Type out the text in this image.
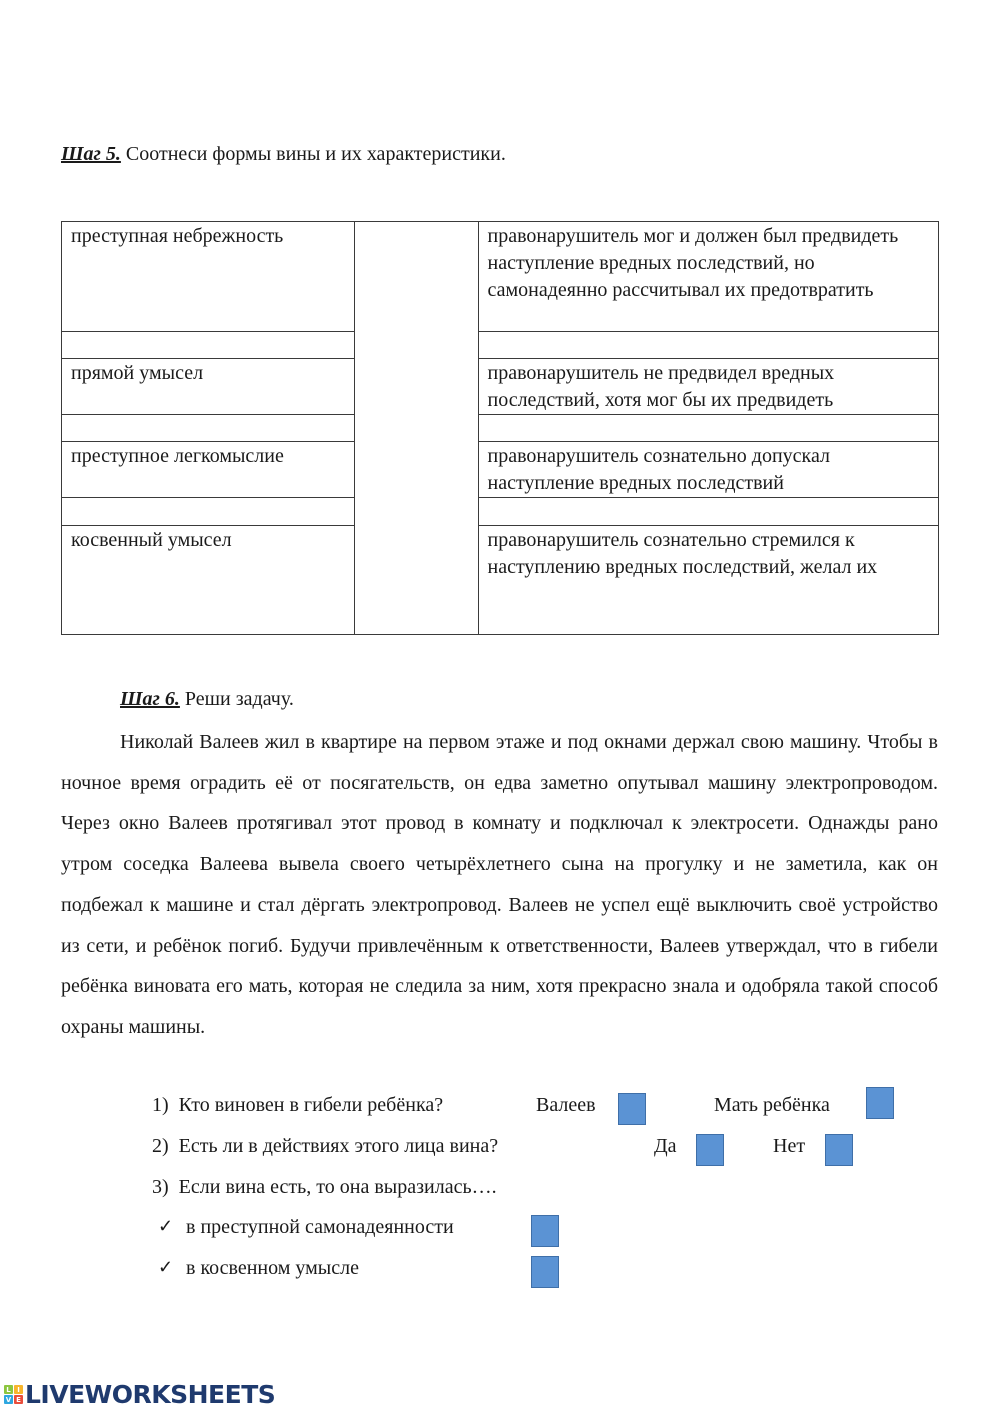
Шаг 5. Соотнеси формы вины и их характеристики.
преступная небрежность		правонарушитель мог и должен был предвидеть наступление вредных последствий, но самонадеянно рассчитывал их предотвратить

прямой умысел		правонарушитель не предвидел вредных последствий, хотя мог бы их предвидеть

преступное легкомыслие		правонарушитель сознательно допускал наступление вредных последствий

косвенный умысел		правонарушитель сознательно стремился к наступлению вредных последствий, желал их
Шаг 6. Реши задачу.
Николай Валеев жил в квартире на первом этаже и под окнами держал свою машину. Чтобы в ночное время оградить её от посягательств, он едва заметно опутывал машину электропроводом. Через окно Валеев протягивал этот провод в комнату и подключал к электросети. Однажды рано утром соседка Валеева вывела своего четырёхлетнего сына на прогулку и не заметила, как он подбежал к машине и стал дёргать электропровод. Валеев не успел ещё выключить своё устройство из сети, и ребёнок погиб. Будучи привлечённым к ответственности, Валеев утверждал, что в гибели ребёнка виновата его мать, которая не следила за ним, хотя прекрасно знала и одобряла такой способ охраны машины.
1) Кто виновен в гибели ребёнка?	Валеев	Мать ребёнка
2) Есть ли в действиях этого лица вина?	Да	Нет
3) Если вина есть, то она выразилась….
✓ в преступной самонадеянности
✓ в косвенном умысле
L I
V E LIVEWORKSHEETS
